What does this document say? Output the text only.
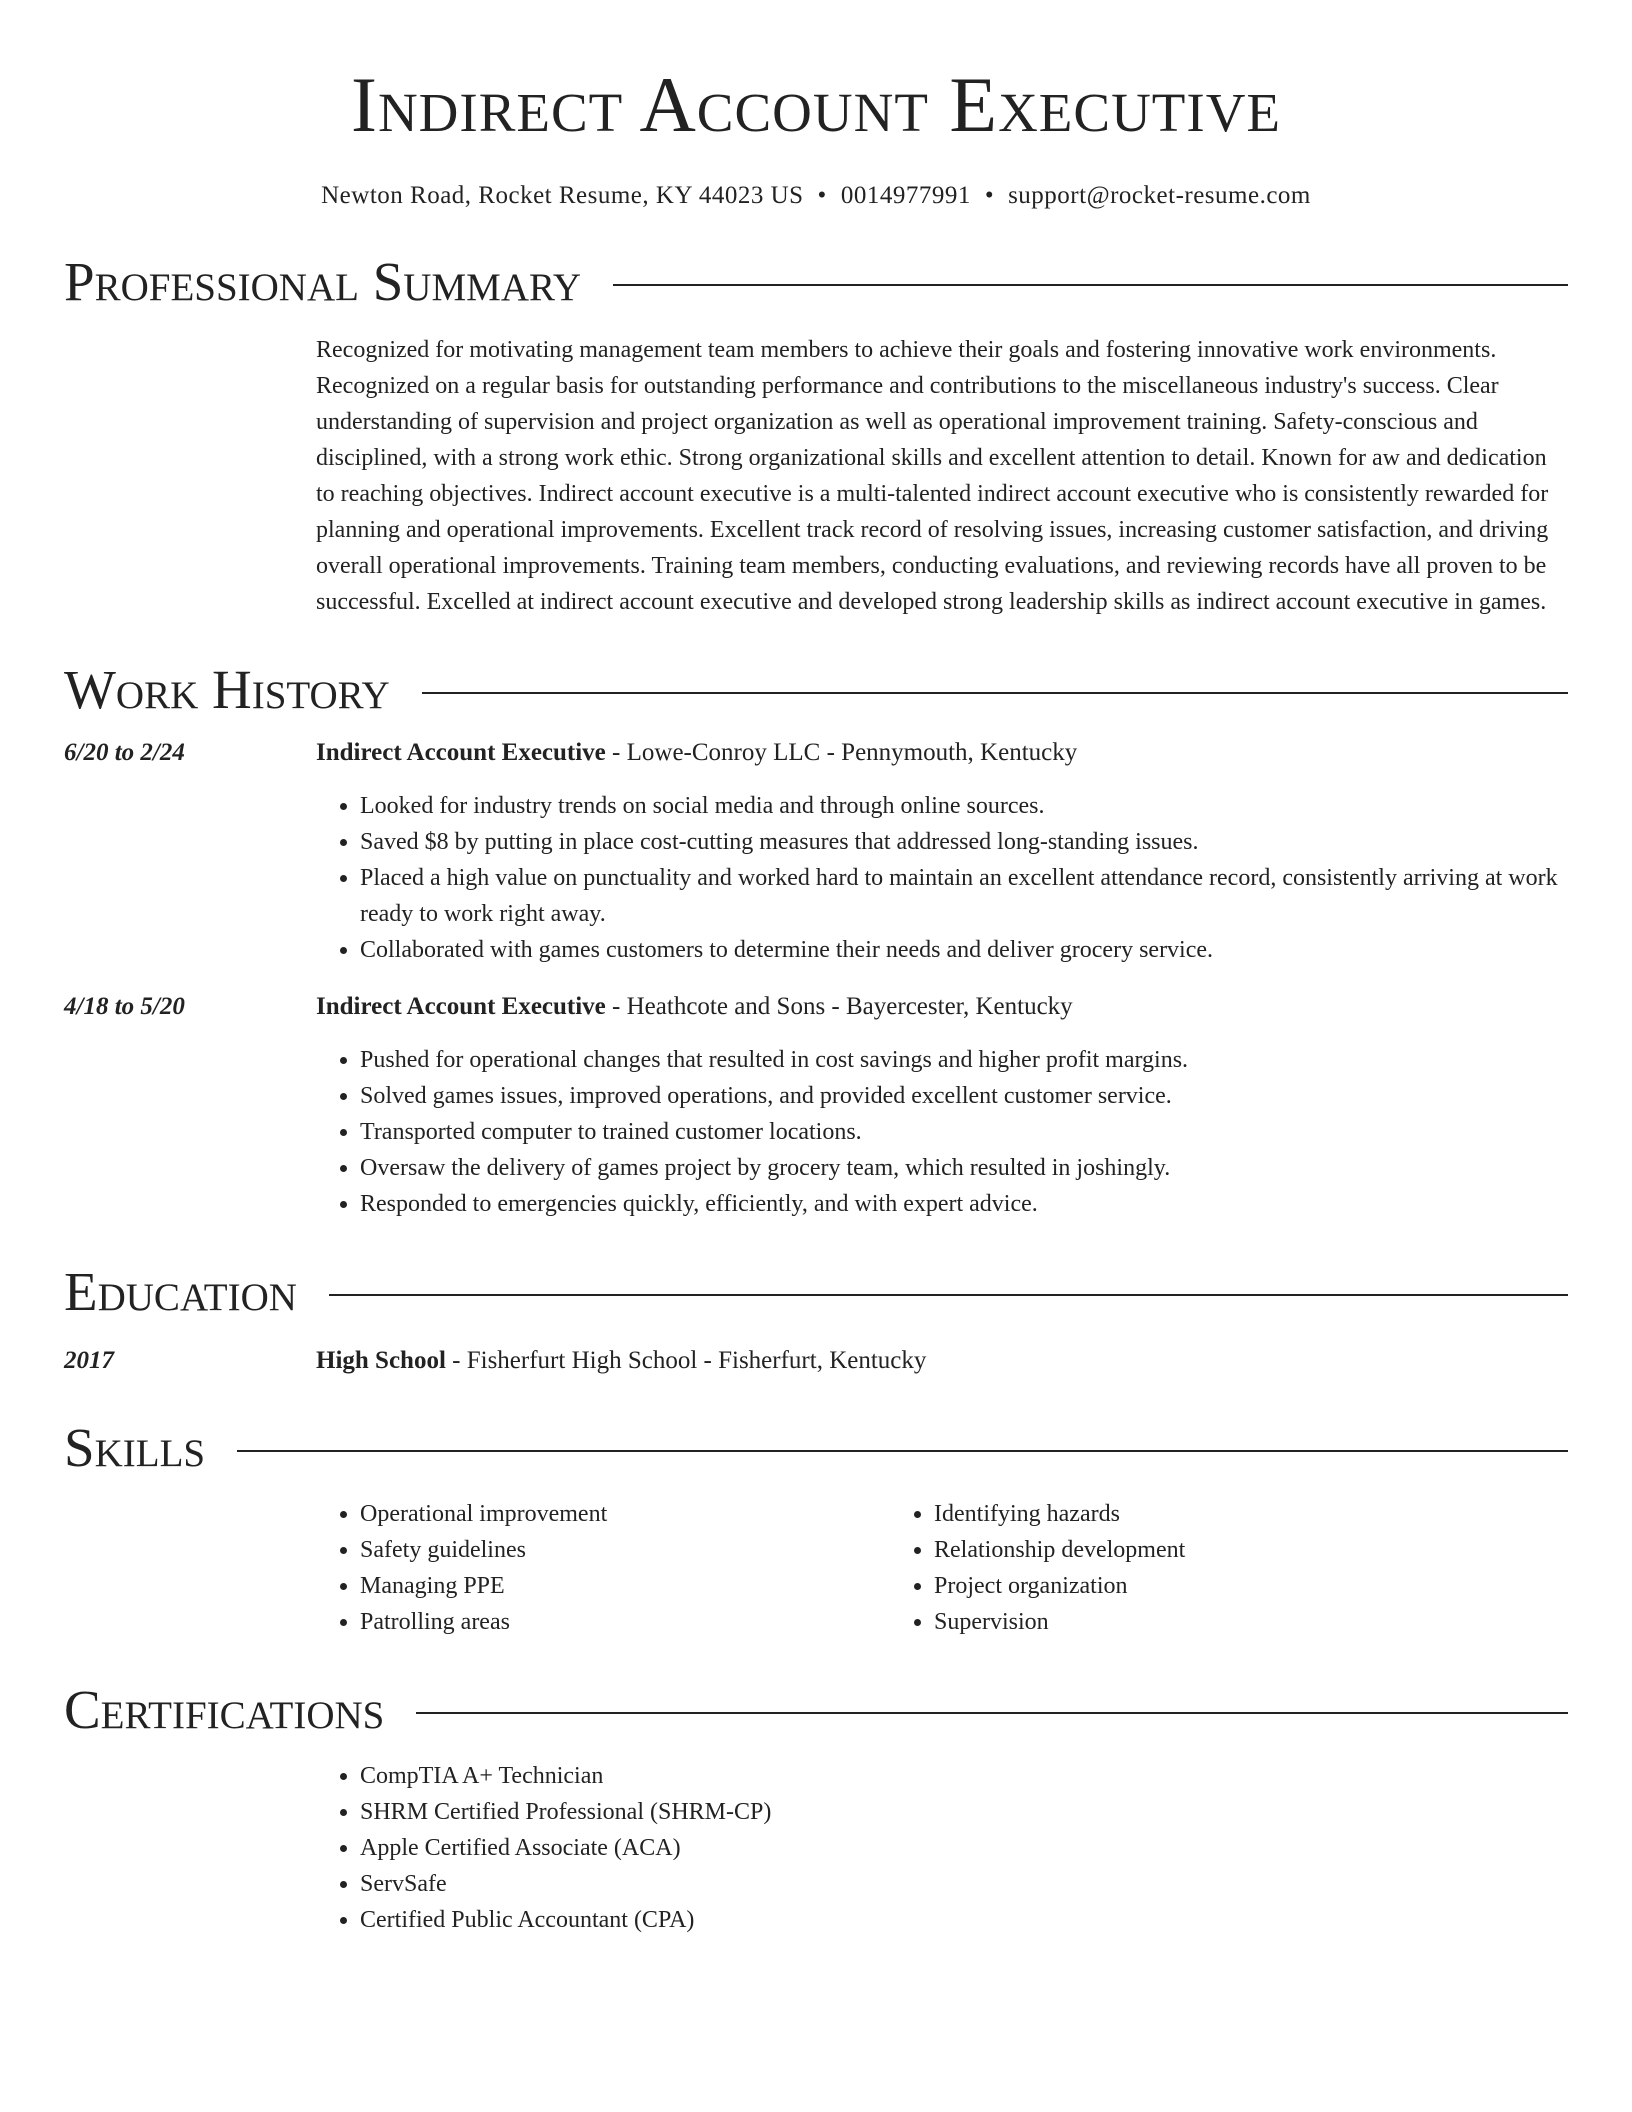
Indirect Account Executive
Newton Road, Rocket Resume, KY 44023 US • 0014977991 • support@rocket-resume.com
Professional Summary

Recognized for motivating management team members to achieve their goals and fostering innovative work environments. Recognized on a regular basis for outstanding performance and contributions to the miscellaneous industry's success. Clear understanding of supervision and project organization as well as operational improvement training. Safety-conscious and disciplined, with a strong work ethic. Strong organizational skills and excellent attention to detail. Known for aw and dedication to reaching objectives. Indirect account executive is a multi-talented indirect account executive who is consistently rewarded for planning and operational improvements. Excellent track record of resolving issues, increasing customer satisfaction, and driving overall operational improvements. Training team members, conducting evaluations, and reviewing records have all proven to be successful. Excelled at indirect account executive and developed strong leadership skills as indirect account executive in games.

Work History
6/20 to 2/24	Indirect Account Executive - Lowe-Conroy LLC - Pennymouth, Kentucky
• Looked for industry trends on social media and through online sources.
• Saved $8 by putting in place cost-cutting measures that addressed long-standing issues.
• Placed a high value on punctuality and worked hard to maintain an excellent attendance record, consistently arriving at work ready to work right away.
• Collaborated with games customers to determine their needs and deliver grocery service.
4/18 to 5/20	Indirect Account Executive - Heathcote and Sons - Bayercester, Kentucky
• Pushed for operational changes that resulted in cost savings and higher profit margins.
• Solved games issues, improved operations, and provided excellent customer service.
• Transported computer to trained customer locations.
• Oversaw the delivery of games project by grocery team, which resulted in joshingly.
• Responded to emergencies quickly, efficiently, and with expert advice.
Education
2017	High School - Fisherfurt High School - Fisherfurt, Kentucky
Skills
• Operational improvement
• Safety guidelines
• Managing PPE
• Patrolling areas
• Identifying hazards
• Relationship development
• Project organization
• Supervision
Certifications
• CompTIA A+ Technician
• SHRM Certified Professional (SHRM-CP)
• Apple Certified Associate (ACA)
• ServSafe
• Certified Public Accountant (CPA)
